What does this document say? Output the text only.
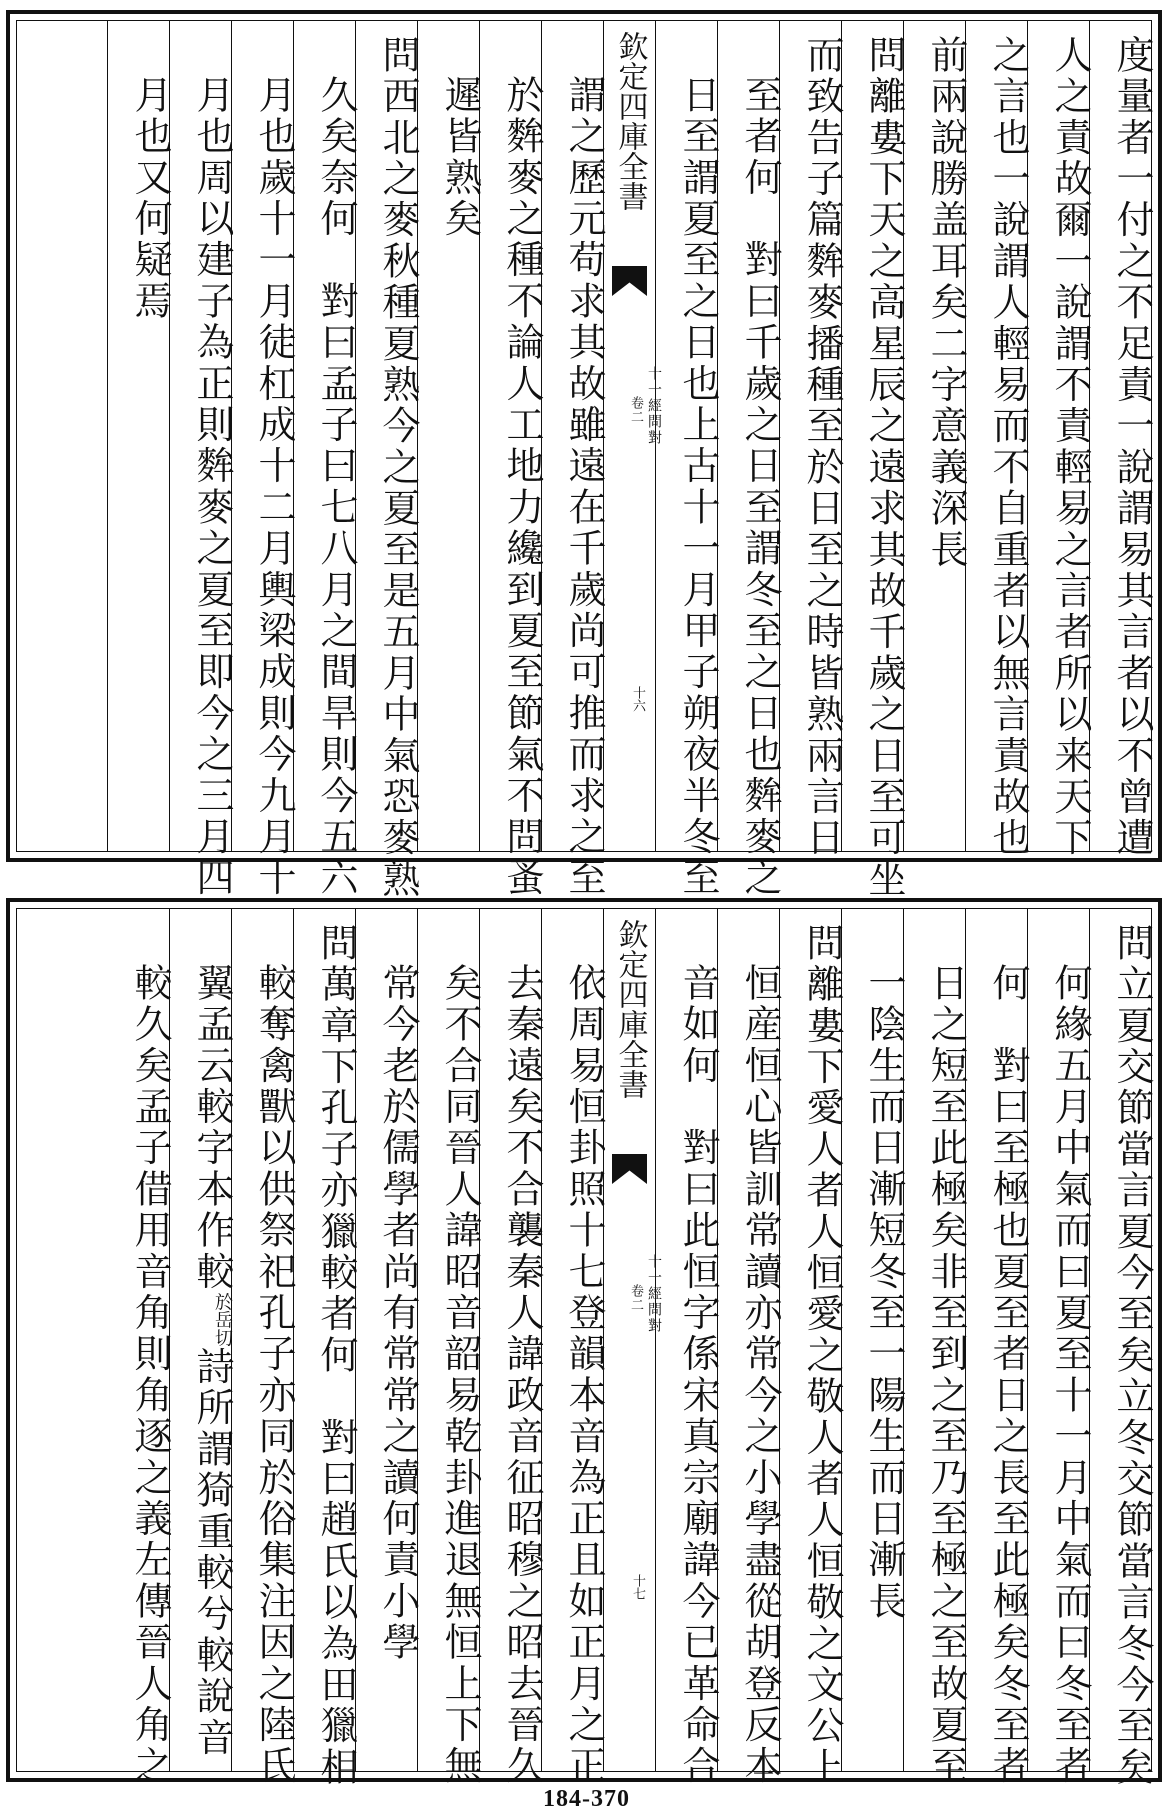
度量者一付之不足責一說謂易其言者以不曾遭
人之責故爾一說謂不責輕易之言者所以来天下
之言也一說謂人輕易而不自重者以無言責故也
前兩說勝盖耳矣二字意義深長
問離婁下天之高星辰之遠求其故千歲之日至可坐
而致告子篇麰麥播種至於日至之時皆熟兩言日
至者何　對曰千歲之日至謂冬至之日也麰麥之
日至謂夏至之日也上古十一月甲子朔夜半冬至
欽定四庫全書
十一經問對
卷二
十六
謂之歷元苟求其故雖遠在千歲尚可推而求之至
於麰麥之種不論人工地力纔到夏至節氣不問蚤
遲皆熟矣
問西北之麥秋種夏熟今之夏至是五月中氣恐麥熟
久矣奈何　對曰孟子曰七八月之間旱則今五六
月也歲十一月徒杠成十二月輿梁成則今九月十
月也周以建子為正則麰麥之夏至即今之三月四
月也又何疑焉
問立夏交節當言夏今至矣立冬交節當言冬今至矣
何緣五月中氣而曰夏至十一月中氣而曰冬至者
何　對曰至極也夏至者日之長至此極矣冬至者
日之短至此極矣非至到之至乃至極之至故夏至
一陰生而日漸短冬至一陽生而日漸長
問離婁下愛人者人恒愛之敬人者人恒敬之文公上
恒産恒心皆訓常讀亦常今之小學盡從胡登反本
音如何　對曰此恒字係宋真宗廟諱今已革命合
欽定四庫全書
十一經問對
卷二
十七
依周易恒卦照十七登韻本音為正且如正月之正
去秦遠矣不合襲秦人諱政音征昭穆之昭去晉久
矣不合同晉人諱昭音韶易乾卦進退無恒上下無
常今老於儒學者尚有常常之讀何責小學
問萬章下孔子亦獵較者何　對曰趙氏以為田獵相
較奪禽獸以供祭祀孔子亦同於俗集注因之陸氏
翼孟云較字本作較$^{於岳切}$詩所謂猗重較兮較說音
較久矣孟子借用音角則角逐之義左傳晉人角之
184-370
